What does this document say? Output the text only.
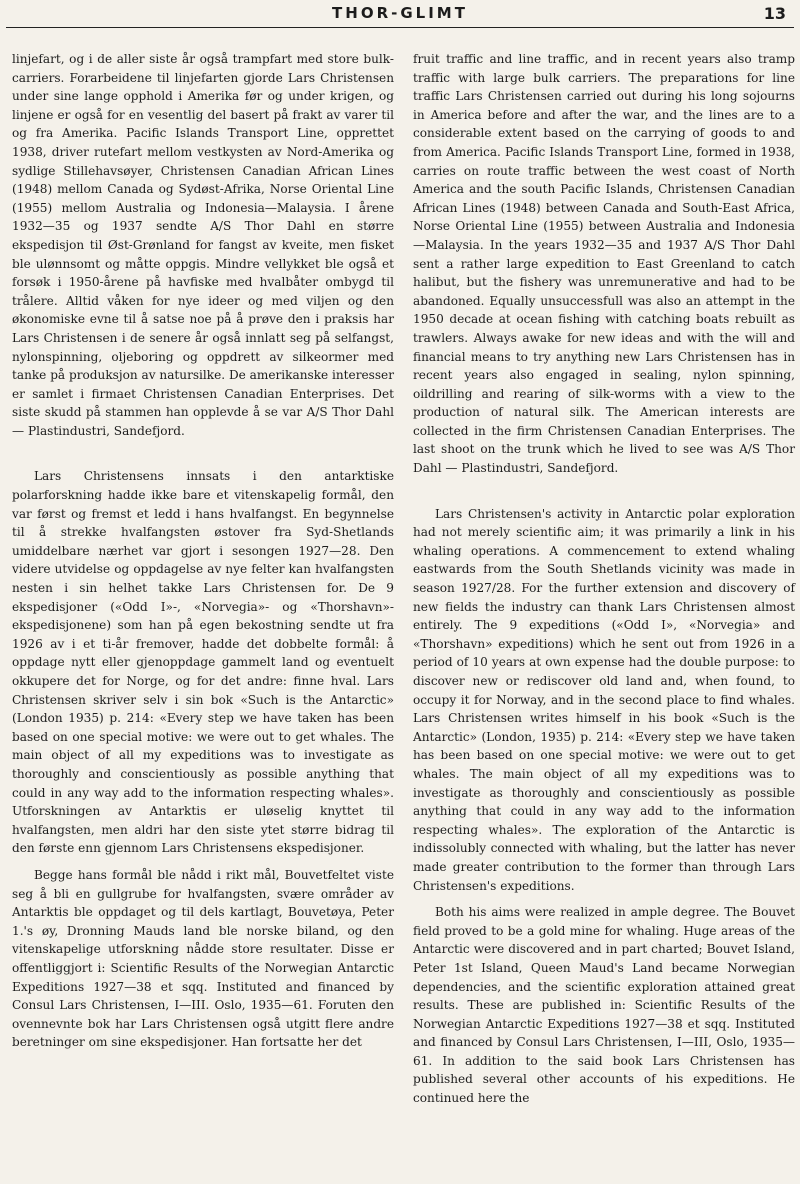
THOR-GLIMT	13

linjefart, og i de aller siste år også trampfart med store bulk-carriers. Forarbeidene til linjefarten gjorde Lars Christensen under sine lange opphold i Amerika før og under krigen, og linjene er også for en vesentlig del basert på frakt av varer til og fra Amerika. Pacific Islands Transport Line, opprettet 1938, driver rutefart mellom vestkysten av Nord-Amerika og sydlige Stillehavsøyer, Christensen Canadian African Lines (1948) mellom Canada og Sydøst-Afrika, Norse Oriental Line (1955) mellom Australia og Indonesia—Malaysia. I årene 1932—35 og 1937 sendte A/S Thor Dahl en større ekspedisjon til Øst-Grønland for fangst av kveite, men fisket ble ulønnsomt og måtte oppgis. Mindre vellykket ble også et forsøk i 1950-årene på havfiske med hvalbåter ombygd til trålere. Alltid våken for nye ideer og med viljen og den økonomiske evne til å satse noe på å prøve den i praksis har Lars Christensen i de senere år også innlatt seg på selfangst, nylonspinning, oljeboring og oppdrett av silkeormer med tanke på produksjon av natursilke. De amerikanske interesser er samlet i firmaet Christensen Canadian Enterprises. Det siste skudd på stammen han opplevde å se var A/S Thor Dahl — Plastindustri, Sandefjord.

Lars Christensens innsats i den antarktiske polarforskning hadde ikke bare et vitenskapelig formål, den var først og fremst et ledd i hans hvalfangst. En begynnelse til å strekke hvalfangsten østover fra Syd-Shetlands umiddelbare nærhet var gjort i sesongen 1927—28. Den videre utvidelse og oppdagelse av nye felter kan hvalfangsten nesten i sin helhet takke Lars Christensen for. De 9 ekspedisjoner («Odd I»-, «Norvegia»- og «Thorshavn»-ekspedisjonene) som han på egen bekostning sendte ut fra 1926 av i et ti-år fremover, hadde det dobbelte formål: å oppdage nytt eller gjenoppdage gammelt land og eventuelt okkupere det for Norge, og for det andre: finne hval. Lars Christensen skriver selv i sin bok «Such is the Antarctic» (London 1935) p. 214: «Every step we have taken has been based on one special motive: we were out to get whales. The main object of all my expeditions was to investigate as thoroughly and conscientiously as possible anything that could in any way add to the information respecting whales». Utforskningen av Antarktis er uløselig knyttet til hvalfangsten, men aldri har den siste ytet større bidrag til den første enn gjennom Lars Christensens ekspedisjoner.

Begge hans formål ble nådd i rikt mål, Bouvetfeltet viste seg å bli en gullgrube for hvalfangsten, svære områder av Antarktis ble oppdaget og til dels kartlagt, Bouvetøya, Peter 1.'s øy, Dronning Mauds land ble norske biland, og den vitenskapelige utforskning nådde store resultater. Disse er offentliggjort i: Scientific Results of the Norwegian Antarctic Expeditions 1927—38 et sqq. Instituted and financed by Consul Lars Christensen, I—III. Oslo, 1935—61. Foruten den ovennevnte bok har Lars Christensen også utgitt flere andre beretninger om sine ekspedisjoner. Han fortsatte her det

fruit traffic and line traffic, and in recent years also tramp traffic with large bulk carriers. The preparations for line traffic Lars Christensen carried out during his long sojourns in America before and after the war, and the lines are to a considerable extent based on the carrying of goods to and from America. Pacific Islands Transport Line, formed in 1938, carries on route traffic between the west coast of North America and the south Pacific Islands, Christensen Canadian African Lines (1948) between Canada and South-East Africa, Norse Oriental Line (1955) between Australia and Indonesia—Malaysia. In the years 1932—35 and 1937 A/S Thor Dahl sent a rather large expedition to East Greenland to catch halibut, but the fishery was unremunerative and had to be abandoned. Equally unsuccessfull was also an attempt in the 1950 decade at ocean fishing with catching boats rebuilt as trawlers. Always awake for new ideas and with the will and financial means to try anything new Lars Christensen has in recent years also engaged in sealing, nylon spinning, oildrilling and rearing of silk-worms with a view to the production of natural silk. The American interests are collected in the firm Christensen Canadian Enterprises. The last shoot on the trunk which he lived to see was A/S Thor Dahl — Plastindustri, Sandefjord.

Lars Christensen's activity in Antarctic polar exploration had not merely scientific aim; it was primarily a link in his whaling operations. A commencement to extend whaling eastwards from the South Shetlands vicinity was made in season 1927/28. For the further extension and discovery of new fields the industry can thank Lars Christensen almost entirely. The 9 expeditions («Odd I», «Norvegia» and «Thorshavn» expeditions) which he sent out from 1926 in a period of 10 years at own expense had the double purpose: to discover new or rediscover old land and, when found, to occupy it for Norway, and in the second place to find whales. Lars Christensen writes himself in his book «Such is the Antarctic» (London, 1935) p. 214: «Every step we have taken has been based on one special motive: we were out to get whales. The main object of all my expeditions was to investigate as thoroughly and conscientiously as possible anything that could in any way add to the information respecting whales». The exploration of the Antarctic is indissolubly connected with whaling, but the latter has never made greater contribution to the former than through Lars Christensen's expeditions.

Both his aims were realized in ample degree. The Bouvet field proved to be a gold mine for whaling. Huge areas of the Antarctic were discovered and in part charted; Bouvet Island, Peter 1st Island, Queen Maud's Land became Norwegian dependencies, and the scientific exploration attained great results. These are published in: Scientific Results of the Norwegian Antarctic Expeditions 1927—38 et sqq. Instituted and financed by Consul Lars Christensen, I—III, Oslo, 1935—61. In addition to the said book Lars Christensen has published several other accounts of his expeditions. He continued here the
